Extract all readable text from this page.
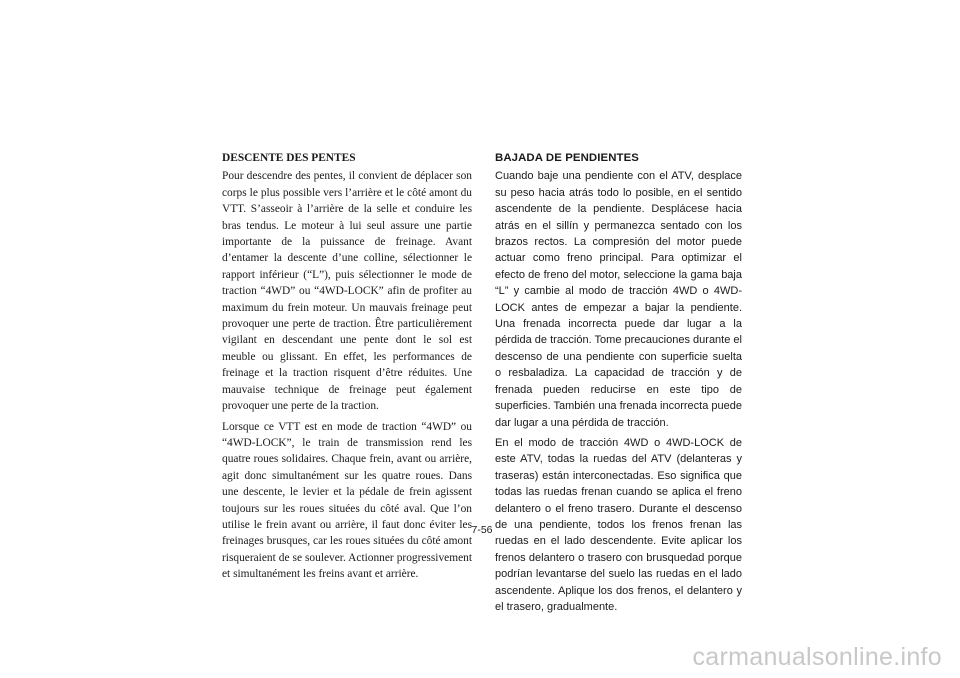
DESCENTE DES PENTES

Pour descendre des pentes, il convient de déplacer son corps le plus possible vers l’arrière et le côté amont du VTT. S’asseoir à l’arrière de la selle et conduire les bras tendus. Le moteur à lui seul assure une partie importante de la puissance de freinage. Avant d’entamer la descente d’une colline, sélectionner le rapport inférieur (“L”), puis sélectionner le mode de traction “4WD” ou “4WD-LOCK” afin de profiter au maximum du frein moteur. Un mauvais freinage peut provoquer une perte de traction. Être particulièrement vigilant en descendant une pente dont le sol est meuble ou glissant. En effet, les performances de freinage et la traction risquent d’être réduites. Une mauvaise technique de freinage peut également provoquer une perte de la traction.

Lorsque ce VTT est en mode de traction “4WD” ou “4WD-LOCK”, le train de transmission rend les quatre roues solidaires. Chaque frein, avant ou arrière, agit donc simultanément sur les quatre roues. Dans une descente, le levier et la pédale de frein agissent toujours sur les roues situées du côté aval. Que l’on utilise le frein avant ou arrière, il faut donc éviter les freinages brusques, car les roues situées du côté amont risqueraient de se soulever. Actionner progressivement et simultanément les freins avant et arrière.

BAJADA DE PENDIENTES

Cuando baje una pendiente con el ATV, desplace su peso hacia atrás todo lo posible, en el sentido ascendente de la pendiente. Desplácese hacia atrás en el sillín y permanezca sentado con los brazos rectos. La compresión del motor puede actuar como freno principal. Para optimizar el efecto de freno del motor, seleccione la gama baja “L” y cambie al modo de tracción 4WD o 4WD-LOCK antes de empezar a bajar la pendiente. Una frenada incorrecta puede dar lugar a la pérdida de tracción. Tome precauciones durante el descenso de una pendiente con superficie suelta o resbaladiza. La capacidad de tracción y de frenada pueden reducirse en este tipo de superficies. También una frenada incorrecta puede dar lugar a una pérdida de tracción.

En el modo de tracción 4WD o 4WD-LOCK de este ATV, todas la ruedas del ATV (delanteras y traseras) están interconectadas. Eso significa que todas las ruedas frenan cuando se aplica el freno delantero o el freno trasero. Durante el descenso de una pendiente, todos los frenos frenan las ruedas en el lado descendente. Evite aplicar los frenos delantero o trasero con brusquedad porque podrían levantarse del suelo las ruedas en el lado ascendente. Aplique los dos frenos, el delantero y el trasero, gradualmente.

7-56
carmanualsonline.info
